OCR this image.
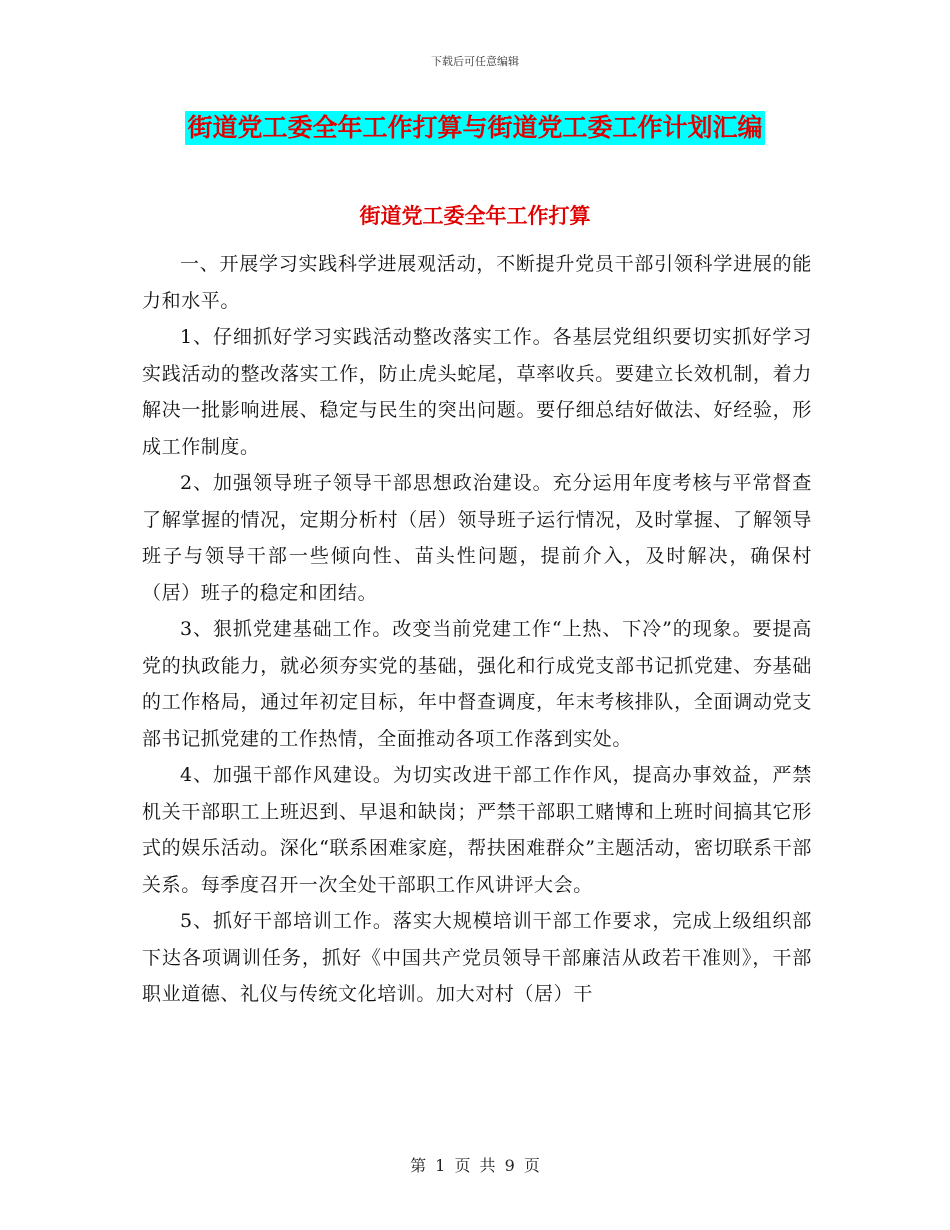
下载后可任意编辑
街道党工委全年工作打算与街道党工委工作计划汇编
街道党工委全年工作打算

一、开展学习实践科学进展观活动，不断提升党员干部引领科学进展的能力和水平。

1、仔细抓好学习实践活动整改落实工作。各基层党组织要切实抓好学习实践活动的整改落实工作，防止虎头蛇尾，草率收兵。要建立长效机制，着力解决一批影响进展、稳定与民生的突出问题。要仔细总结好做法、好经验，形成工作制度。

2、加强领导班子领导干部思想政治建设。充分运用年度考核与平常督查了解掌握的情况，定期分析村（居）领导班子运行情况，及时掌握、了解领导班子与领导干部一些倾向性、苗头性问题，提前介入，及时解决，确保村（居）班子的稳定和团结。

3、狠抓党建基础工作。改变当前党建工作“上热、下冷”的现象。要提高党的执政能力，就必须夯实党的基础，强化和行成党支部书记抓党建、夯基础的工作格局，通过年初定目标，年中督查调度，年末考核排队，全面调动党支部书记抓党建的工作热情，全面推动各项工作落到实处。

4、加强干部作风建设。为切实改进干部工作作风，提高办事效益，严禁机关干部职工上班迟到、早退和缺岗；严禁干部职工赌博和上班时间搞其它形式的娱乐活动。深化“联系困难家庭，帮扶困难群众”主题活动，密切联系干部关系。每季度召开一次全处干部职工作风讲评大会。

5、抓好干部培训工作。落实大规模培训干部工作要求，完成上级组织部下达各项调训任务，抓好《中国共产党员领导干部廉洁从政若干准则》，干部职业道德、礼仪与传统文化培训。加大对村（居）干

第 1 页 共 9 页
